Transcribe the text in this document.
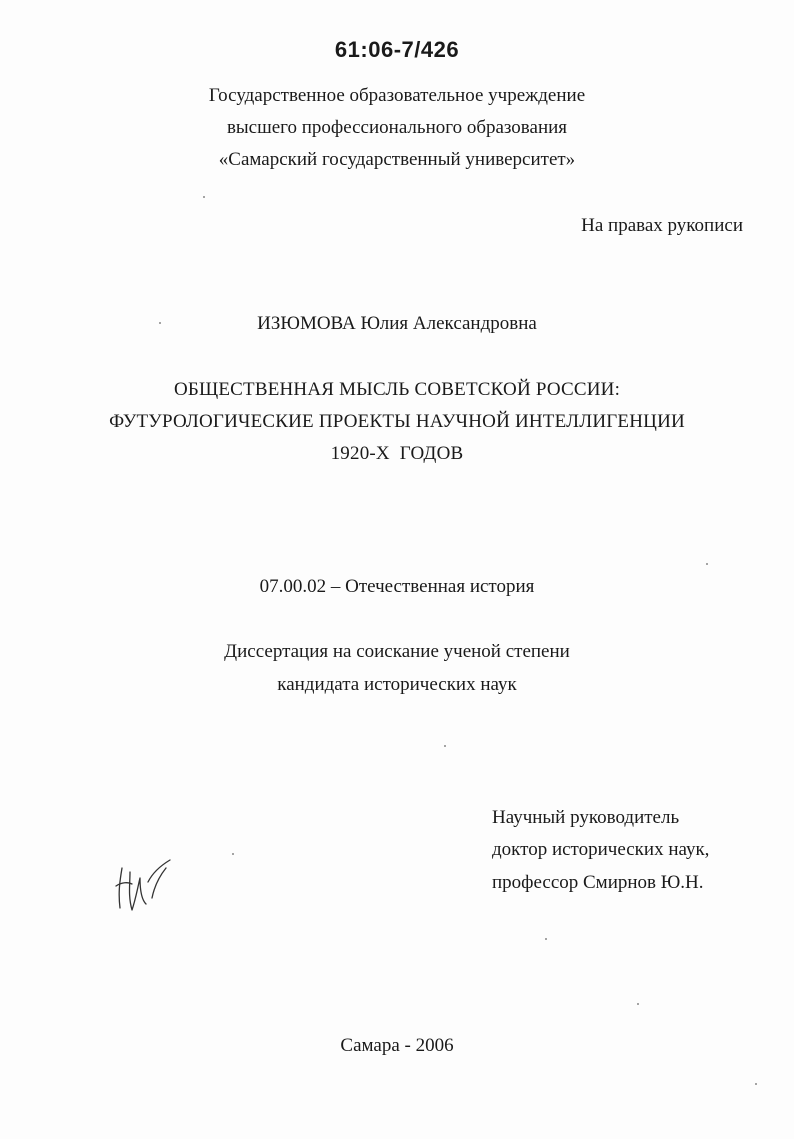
61:06-7/426
Государственное образовательное учреждение
высшего профессионального образования
«Самарский государственный университет»
На правах рукописи
ИЗЮМОВА Юлия Александровна
ОБЩЕСТВЕННАЯ МЫСЛЬ СОВЕТСКОЙ РОССИИ:
ФУТУРОЛОГИЧЕСКИЕ ПРОЕКТЫ НАУЧНОЙ ИНТЕЛЛИГЕНЦИИ
1920-Х  ГОДОВ
07.00.02 – Отечественная история
Диссертация на соискание ученой степени
кандидата исторических наук
Научный руководитель
доктор исторических наук,
профессор Смирнов Ю.Н.
Самара - 2006
